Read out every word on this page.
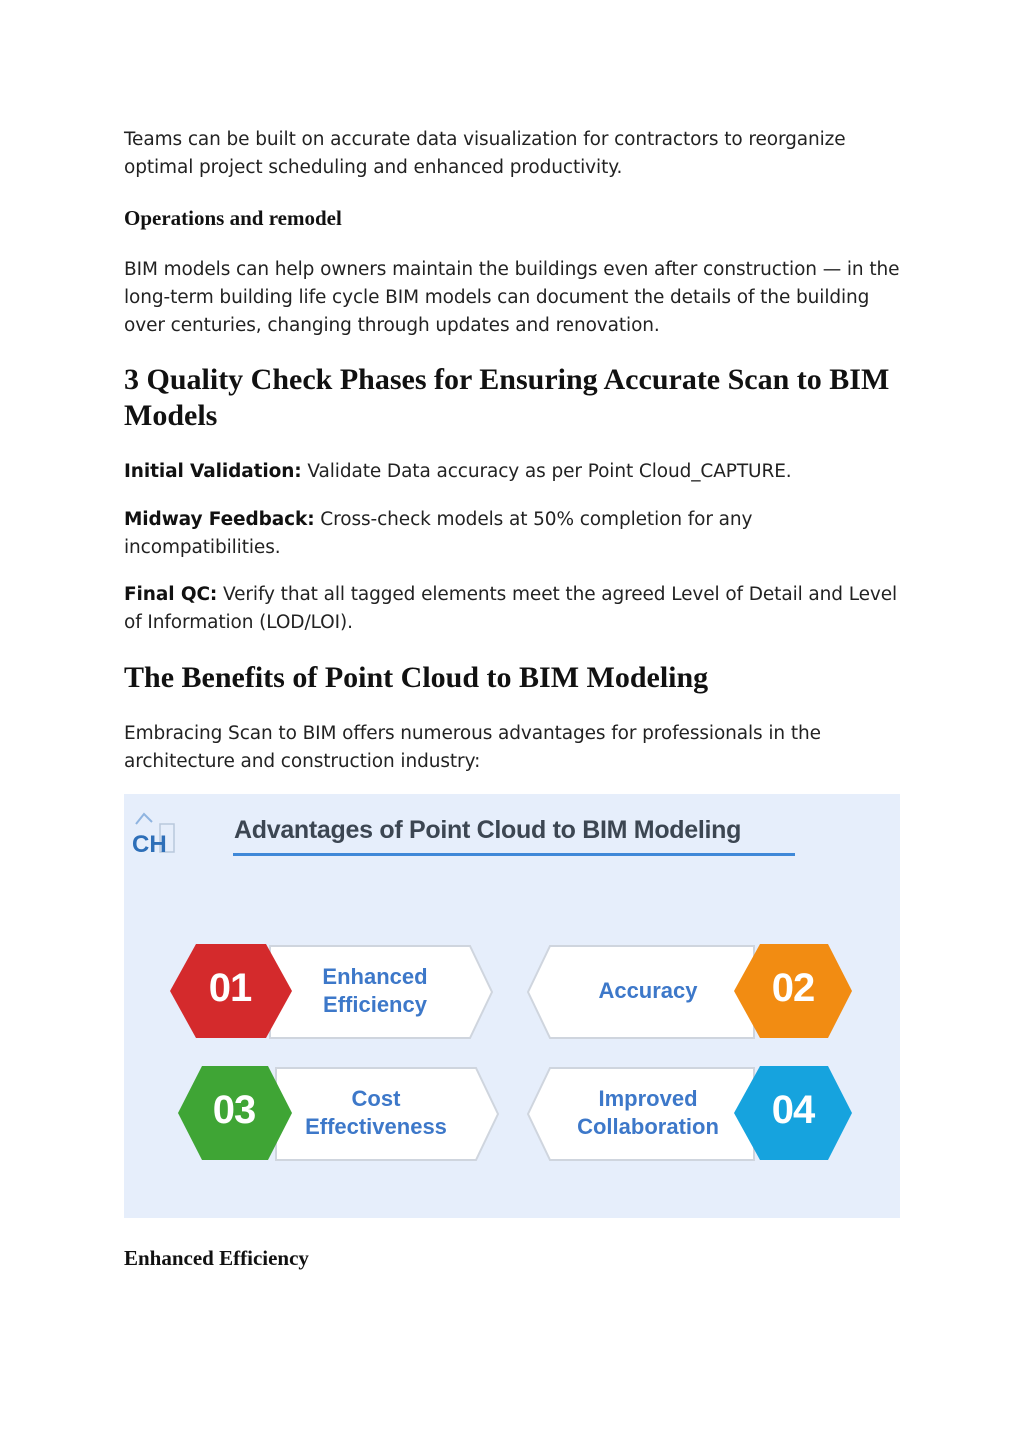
Teams can be built on accurate data visualization for contractors to reorganize optimal project scheduling and enhanced productivity.

Operations and remodel

BIM models can help owners maintain the buildings even after construction — in the long-term building life cycle BIM models can document the details of the building over centuries, changing through updates and renovation.

3 Quality Check Phases for Ensuring Accurate Scan to BIM Models

Initial Validation: Validate Data accuracy as per Point Cloud_CAPTURE.

Midway Feedback: Cross-check models at 50% completion for any incompatibilities.

Final QC: Verify that all tagged elements meet the agreed Level of Detail and Level of Information (LOD/LOI).

The Benefits of Point Cloud to BIM Modeling

Embracing Scan to BIM offers numerous advantages for professionals in the architecture and construction industry:

CH
Advantages of Point Cloud to BIM Modeling
01	Enhanced
Efficiency	02
Accuracy
03	Cost
Effectiveness	04
Improved
Collaboration
Enhanced Efficiency
